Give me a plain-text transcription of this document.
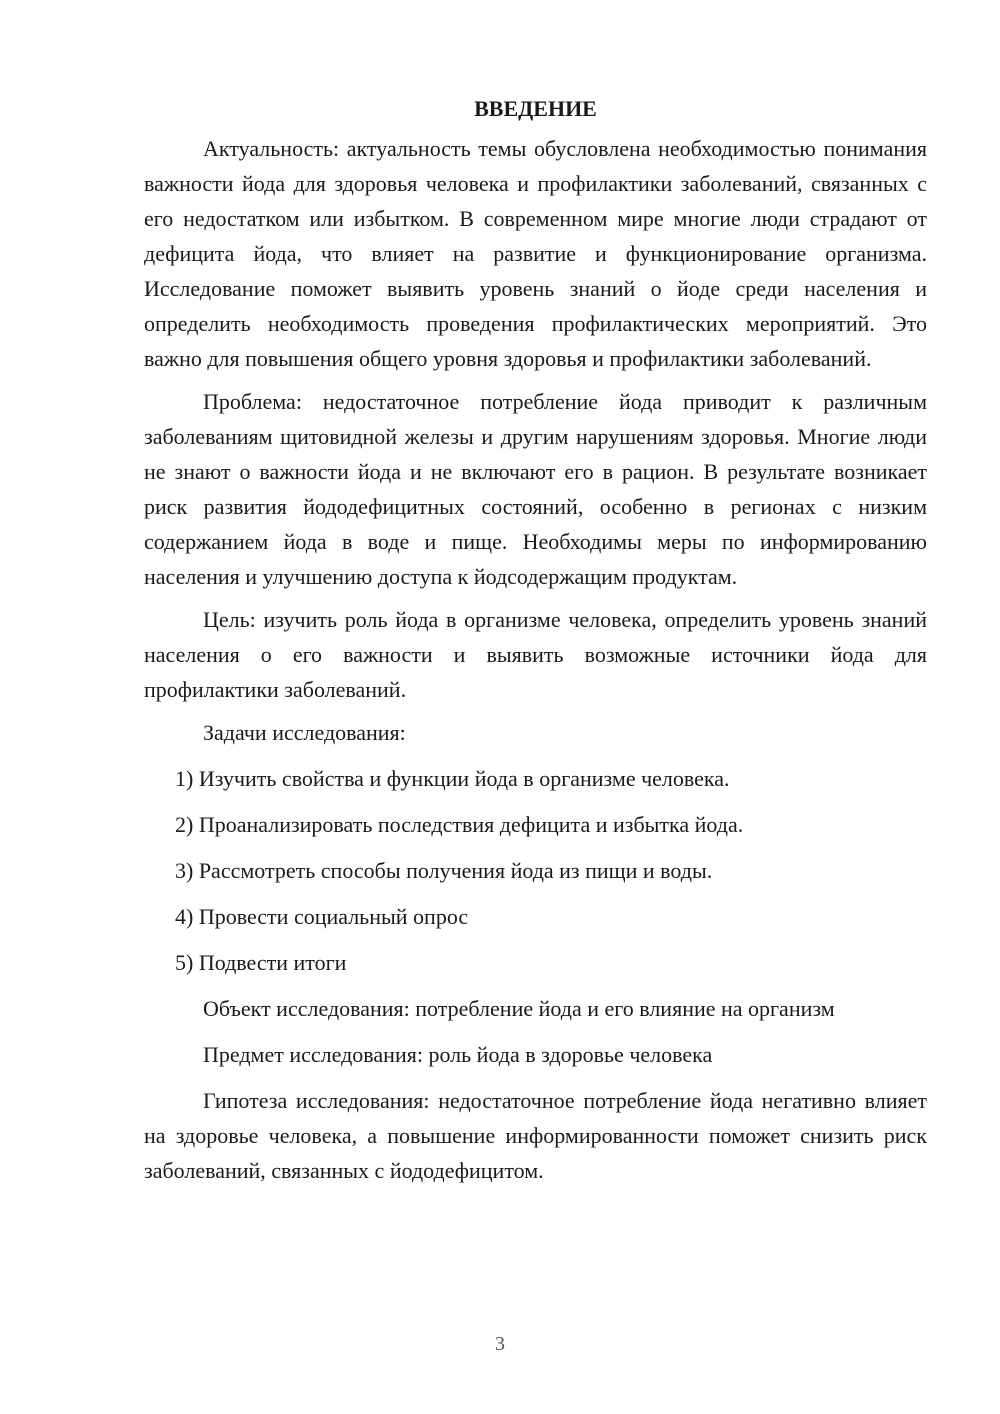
ВВЕДЕНИЕ

Актуальность: актуальность темы обусловлена необходимостью понимания важности йода для здоровья человека и профилактики заболеваний, связанных с его недостатком или избытком. В современном мире многие люди страдают от дефицита йода, что влияет на развитие и функционирование организма. Исследование поможет выявить уровень знаний о йоде среди населения и определить необходимость проведения профилактических мероприятий. Это важно для повышения общего уровня здоровья и профилактики заболеваний.

Проблема: недостаточное потребление йода приводит к различным заболеваниям щитовидной железы и другим нарушениям здоровья. Многие люди не знают о важности йода и не включают его в рацион. В результате возникает риск развития йододефицитных состояний, особенно в регионах с низким содержанием йода в воде и пище. Необходимы меры по информированию населения и улучшению доступа к йодсодержащим продуктам.

Цель: изучить роль йода в организме человека, определить уровень знаний населения о его важности и выявить возможные источники йода для профилактики заболеваний.

Задачи исследования:
1) Изучить свойства и функции йода в организме человека.
2) Проанализировать последствия дефицита и избытка йода.
3) Рассмотреть способы получения йода из пищи и воды.
4) Провести социальный опрос
5) Подвести итоги
Объект исследования: потребление йода и его влияние на организм
Предмет исследования: роль йода в здоровье человека

Гипотеза исследования: недостаточное потребление йода негативно влияет на здоровье человека, а повышение информированности поможет снизить риск заболеваний, связанных с йододефицитом.

3
